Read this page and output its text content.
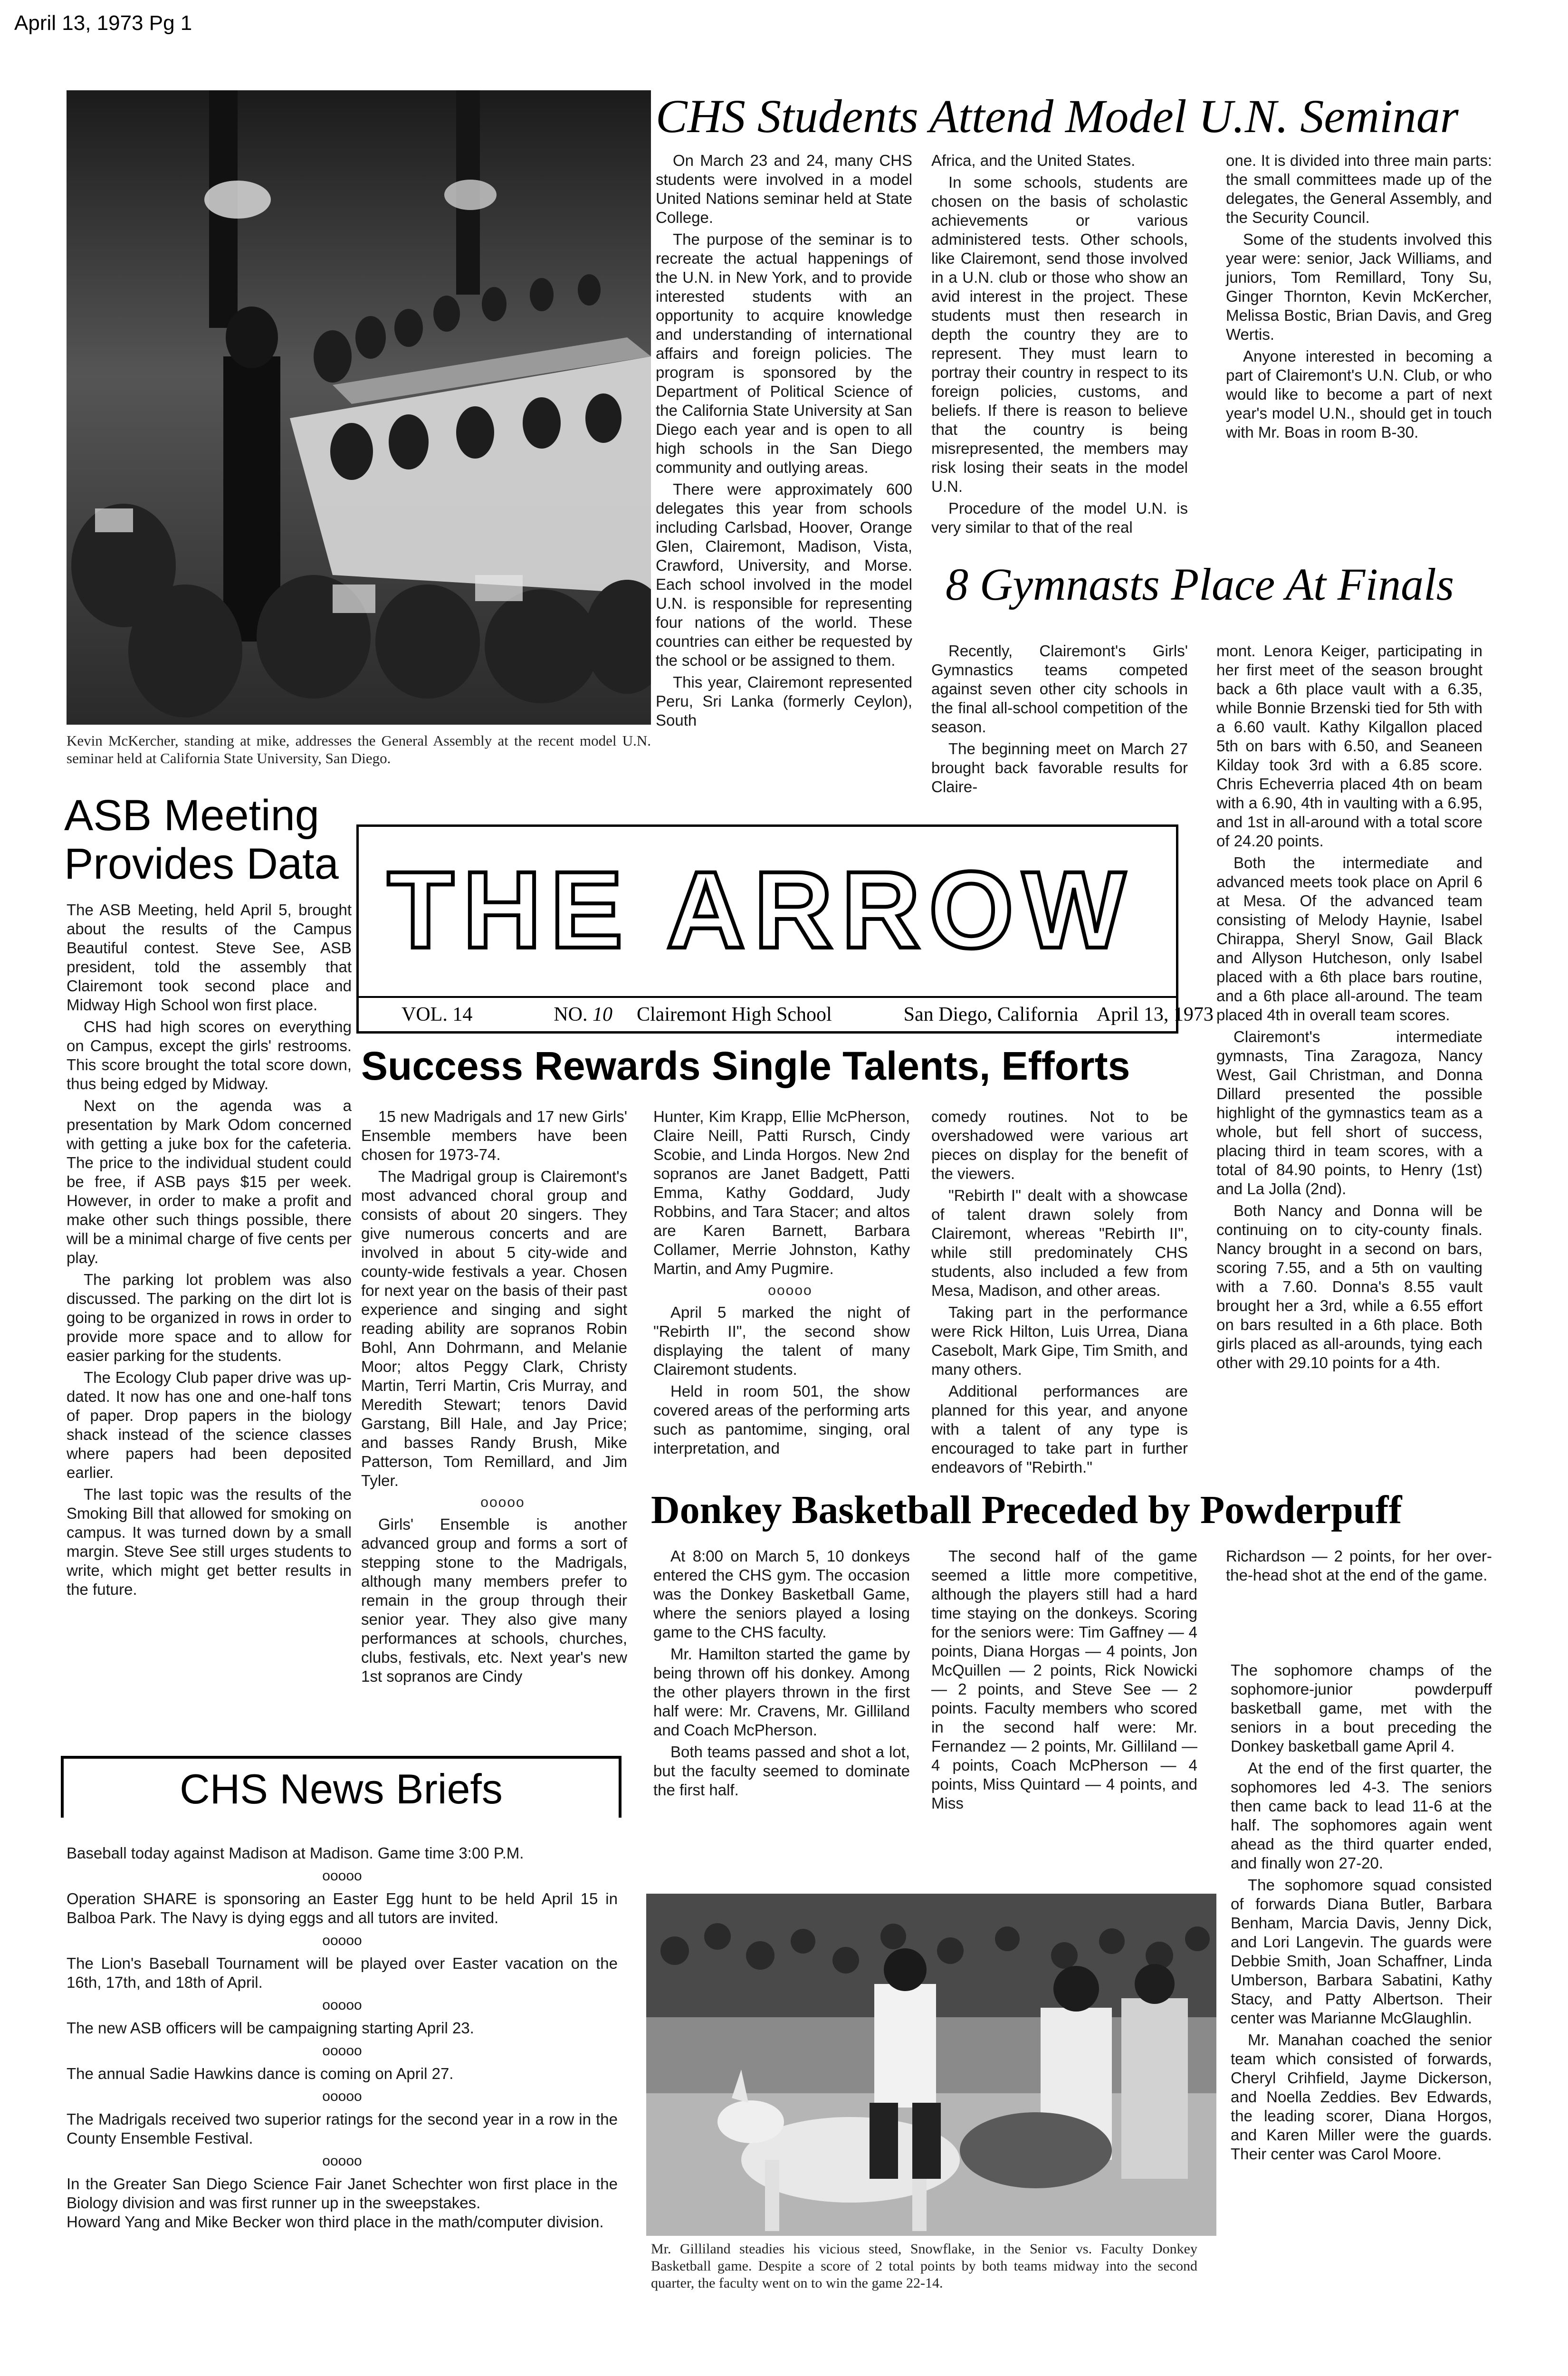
April 13, 1973 Pg 1
Kevin McKercher, standing at mike, addresses the General Assembly at the recent model U.N. seminar held at California State University, San Diego.
CHS Students Attend Model U.N. Seminar

On March 23 and 24, many CHS students were involved in a model United Nations seminar held at State College.

The purpose of the seminar is to recreate the actual happenings of the U.N. in New York, and to provide interested students with an opportunity to acquire knowledge and understanding of international affairs and foreign policies. The program is sponsored by the Department of Political Science of the California State University at San Diego each year and is open to all high schools in the San Diego community and outlying areas.

There were approximately 600 delegates this year from schools including Carlsbad, Hoover, Orange Glen, Clairemont, Madison, Vista, Crawford, University, and Morse. Each school involved in the model U.N. is responsible for representing four nations of the world. These countries can either be requested by the school or be assigned to them.

This year, Clairemont represented Peru, Sri Lanka (formerly Ceylon), South

Africa, and the United States.

In some schools, students are chosen on the basis of scholastic achievements or various administered tests. Other schools, like Clairemont, send those involved in a U.N. club or those who show an avid interest in the project. These students must then research in depth the country they are to represent. They must learn to portray their country in respect to its foreign policies, customs, and beliefs. If there is reason to believe that the country is being misrepresented, the members may risk losing their seats in the model U.N.

Procedure of the model U.N. is very similar to that of the real

one. It is divided into three main parts: the small committees made up of the delegates, the General Assembly, and the Security Council.

Some of the students involved this year were: senior, Jack Williams, and juniors, Tom Remillard, Tony Su, Ginger Thornton, Kevin McKercher, Melissa Bostic, Brian Davis, and Greg Wertis.

Anyone interested in becoming a part of Clairemont's U.N. Club, or who would like to become a part of next year's model U.N., should get in touch with Mr. Boas in room B-30.

8 Gymnasts Place At Finals

Recently, Clairemont's Girls' Gymnastics teams competed against seven other city schools in the final all-school competition of the season.

The beginning meet on March 27 brought back favorable results for Claire-

mont. Lenora Keiger, participating in her first meet of the season brought back a 6th place vault with a 6.35, while Bonnie Brzenski tied for 5th with a 6.60 vault. Kathy Kilgallon placed 5th on bars with 6.50, and Seaneen Kilday took 3rd with a 6.85 score. Chris Echeverria placed 4th on beam with a 6.90, 4th in vaulting with a 6.95, and 1st in all-around with a total score of 24.20 points.

Both the intermediate and advanced meets took place on April 6 at Mesa. Of the advanced team consisting of Melody Haynie, Isabel Chirappa, Sheryl Snow, Gail Black and Allyson Hutcheson, only Isabel placed with a 6th place bars routine, and a 6th place all-around. The team placed 4th in overall team scores.

Clairemont's intermediate gymnasts, Tina Zaragoza, Nancy West, Gail Christman, and Donna Dillard presented the possible highlight of the gymnastics team as a whole, but fell short of success, placing third in team scores, with a total of 84.90 points, to Henry (1st) and La Jolla (2nd).

Both Nancy and Donna will be continuing on to city-county finals. Nancy brought in a second on bars, scoring 7.55, and a 5th on vaulting with a 7.60. Donna's 8.55 vault brought her a 3rd, while a 6.55 effort on bars resulted in a 6th place. Both girls placed as all-arounds, tying each other with 29.10 points for a 4th.

ASB Meeting
Provides Data

The ASB Meeting, held April 5, brought about the results of the Campus Beautiful contest. Steve See, ASB president, told the assembly that Clairemont took second place and Midway High School won first place.

CHS had high scores on everything on Campus, except the girls' restrooms. This score brought the total score down, thus being edged by Midway.

Next on the agenda was a presentation by Mark Odom concerned with getting a juke box for the cafeteria. The price to the individual student could be free, if ASB pays $15 per week. However, in order to make a profit and make other such things possible, there will be a minimal charge of five cents per play.

The parking lot problem was also discussed. The parking on the dirt lot is going to be organized in rows in order to provide more space and to allow for easier parking for the students.

The Ecology Club paper drive was up-dated. It now has one and one-half tons of paper. Drop papers in the biology shack instead of the science classes where papers had been deposited earlier.

The last topic was the results of the Smoking Bill that allowed for smoking on campus. It was turned down by a small margin. Steve See still urges students to write, which might get better results in the future.

THE ARROW
VOL. 14	NO. 10 Clairemont High School	San Diego, California April 13, 1973
Success Rewards Single Talents, Efforts

15 new Madrigals and 17 new Girls' Ensemble members have been chosen for 1973-74.

The Madrigal group is Clairemont's most advanced choral group and consists of about 20 singers. They give numerous concerts and are involved in about 5 city-wide and county-wide festivals a year. Chosen for next year on the basis of their past experience and singing and sight reading ability are sopranos Robin Bohl, Ann Dohrmann, and Melanie Moor; altos Peggy Clark, Christy Martin, Terri Martin, Cris Murray, and Meredith Stewart; tenors David Garstang, Bill Hale, and Jay Price; and basses Randy Brush, Mike Patterson, Tom Remillard, and Jim Tyler.

ooooo

Girls' Ensemble is another advanced group and forms a sort of stepping stone to the Madrigals, although many members prefer to remain in the group through their senior year. They also give many performances at schools, churches, clubs, festivals, etc. Next year's new 1st sopranos are Cindy

Hunter, Kim Krapp, Ellie McPherson, Claire Neill, Patti Rursch, Cindy Scobie, and Linda Horgos. New 2nd sopranos are Janet Badgett, Patti Emma, Kathy Goddard, Judy Robbins, and Tara Stacer; and altos are Karen Barnett, Barbara Collamer, Merrie Johnston, Kathy Martin, and Amy Pugmire.

ooooo

April 5 marked the night of "Rebirth II", the second show displaying the talent of many Clairemont students.

Held in room 501, the show covered areas of the performing arts such as pantomime, singing, oral interpretation, and

comedy routines. Not to be overshadowed were various art pieces on display for the benefit of the viewers.

"Rebirth I" dealt with a showcase of talent drawn solely from Clairemont, whereas "Rebirth II", while still predominately CHS students, also included a few from Mesa, Madison, and other areas.

Taking part in the performance were Rick Hilton, Luis Urrea, Diana Casebolt, Mark Gipe, Tim Smith, and many others.

Additional performances are planned for this year, and anyone with a talent of any type is encouraged to take part in further endeavors of "Rebirth."

Donkey Basketball Preceded by Powderpuff

At 8:00 on March 5, 10 donkeys entered the CHS gym. The occasion was the Donkey Basketball Game, where the seniors played a losing game to the CHS faculty.

Mr. Hamilton started the game by being thrown off his donkey. Among the other players thrown in the first half were: Mr. Cravens, Mr. Gilliland and Coach McPherson.

Both teams passed and shot a lot, but the faculty seemed to dominate the first half.

The second half of the game seemed a little more competitive, although the players still had a hard time staying on the donkeys. Scoring for the seniors were: Tim Gaffney — 4 points, Diana Horgas — 4 points, Jon McQuillen — 2 points, Rick Nowicki — 2 points, and Steve See — 2 points. Faculty members who scored in the second half were: Mr. Fernandez — 2 points, Mr. Gilliland — 4 points, Coach McPherson — 4 points, Miss Quintard — 4 points, and Miss

Richardson — 2 points, for her over-the-head shot at the end of the game.

The sophomore champs of the sophomore-junior powderpuff basketball game, met with the seniors in a bout preceding the Donkey basketball game April 4.

At the end of the first quarter, the sophomores led 4-3. The seniors then came back to lead 11-6 at the half. The sophomores again went ahead as the third quarter ended, and finally won 27-20.

The sophomore squad consisted of forwards Diana Butler, Barbara Benham, Marcia Davis, Jenny Dick, and Lori Langevin. The guards were Debbie Smith, Joan Schaffner, Linda Umberson, Barbara Sabatini, Kathy Stacy, and Patty Albertson. Their center was Marianne McGlaughlin.

Mr. Manahan coached the senior team which consisted of forwards, Cheryl Crihfield, Jayme Dickerson, and Noella Zeddies. Bev Edwards, the leading scorer, Diana Horgos, and Karen Miller were the guards. Their center was Carol Moore.

Mr. Gilliland steadies his vicious steed, Snowflake, in the Senior vs. Faculty Donkey Basketball game. Despite a score of 2 total points by both teams midway into the second quarter, the faculty went on to win the game 22-14.
CHS News Briefs

Baseball today against Madison at Madison. Game time 3:00 P.M.

ooooo

Operation SHARE is sponsoring an Easter Egg hunt to be held April 15 in Balboa Park. The Navy is dying eggs and all tutors are invited.

ooooo

The Lion's Baseball Tournament will be played over Easter vacation on the 16th, 17th, and 18th of April.

ooooo

The new ASB officers will be campaigning starting April 23.

ooooo

The annual Sadie Hawkins dance is coming on April 27.

ooooo

The Madrigals received two superior ratings for the second year in a row in the County Ensemble Festival.

ooooo

In the Greater San Diego Science Fair Janet Schechter won first place in the Biology division and was first runner up in the sweepstakes.

Howard Yang and Mike Becker won third place in the math/computer division.
